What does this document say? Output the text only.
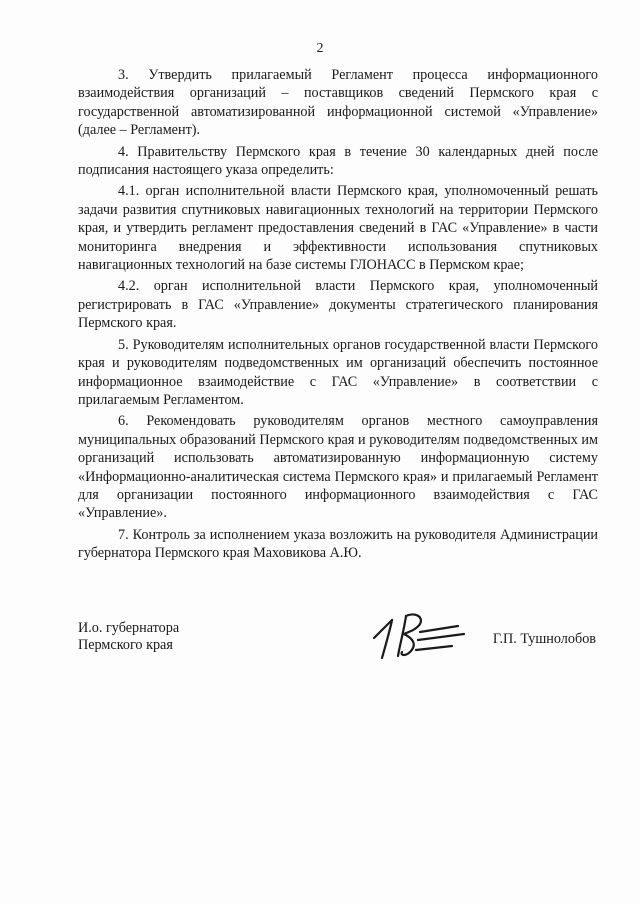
2

3. Утвердить прилагаемый Регламент процесса информационного взаимодействия организаций – поставщиков сведений Пермского края с государственной автоматизированной информационной системой «Управление» (далее – Регламент).

4. Правительству Пермского края в течение 30 календарных дней после подписания настоящего указа определить:

4.1. орган исполнительной власти Пермского края, уполномоченный решать задачи развития спутниковых навигационных технологий на территории Пермского края, и утвердить регламент предоставления сведений в ГАС «Управление» в части мониторинга внедрения и эффективности использования спутниковых навигационных технологий на базе системы ГЛОНАСС в Пермском крае;

4.2. орган исполнительной власти Пермского края, уполномоченный регистрировать в ГАС «Управление» документы стратегического планирования Пермского края.

5. Руководителям исполнительных органов государственной власти Пермского края и руководителям подведомственных им организаций обеспечить постоянное информационное взаимодействие с ГАС «Управление» в соответствии с прилагаемым Регламентом.

6. Рекомендовать руководителям органов местного самоуправления муниципальных образований Пермского края и руководителям подведомственных им организаций использовать автоматизированную информационную систему «Информационно-аналитическая система Пермского края» и прилагаемый Регламент для организации постоянного информационного взаимодействия с ГАС «Управление».

7. Контроль за исполнением указа возложить на руководителя Администрации губернатора Пермского края Маховикова А.Ю.

И.о. губернатора
Пермского края	Г.П. Тушнолобов
